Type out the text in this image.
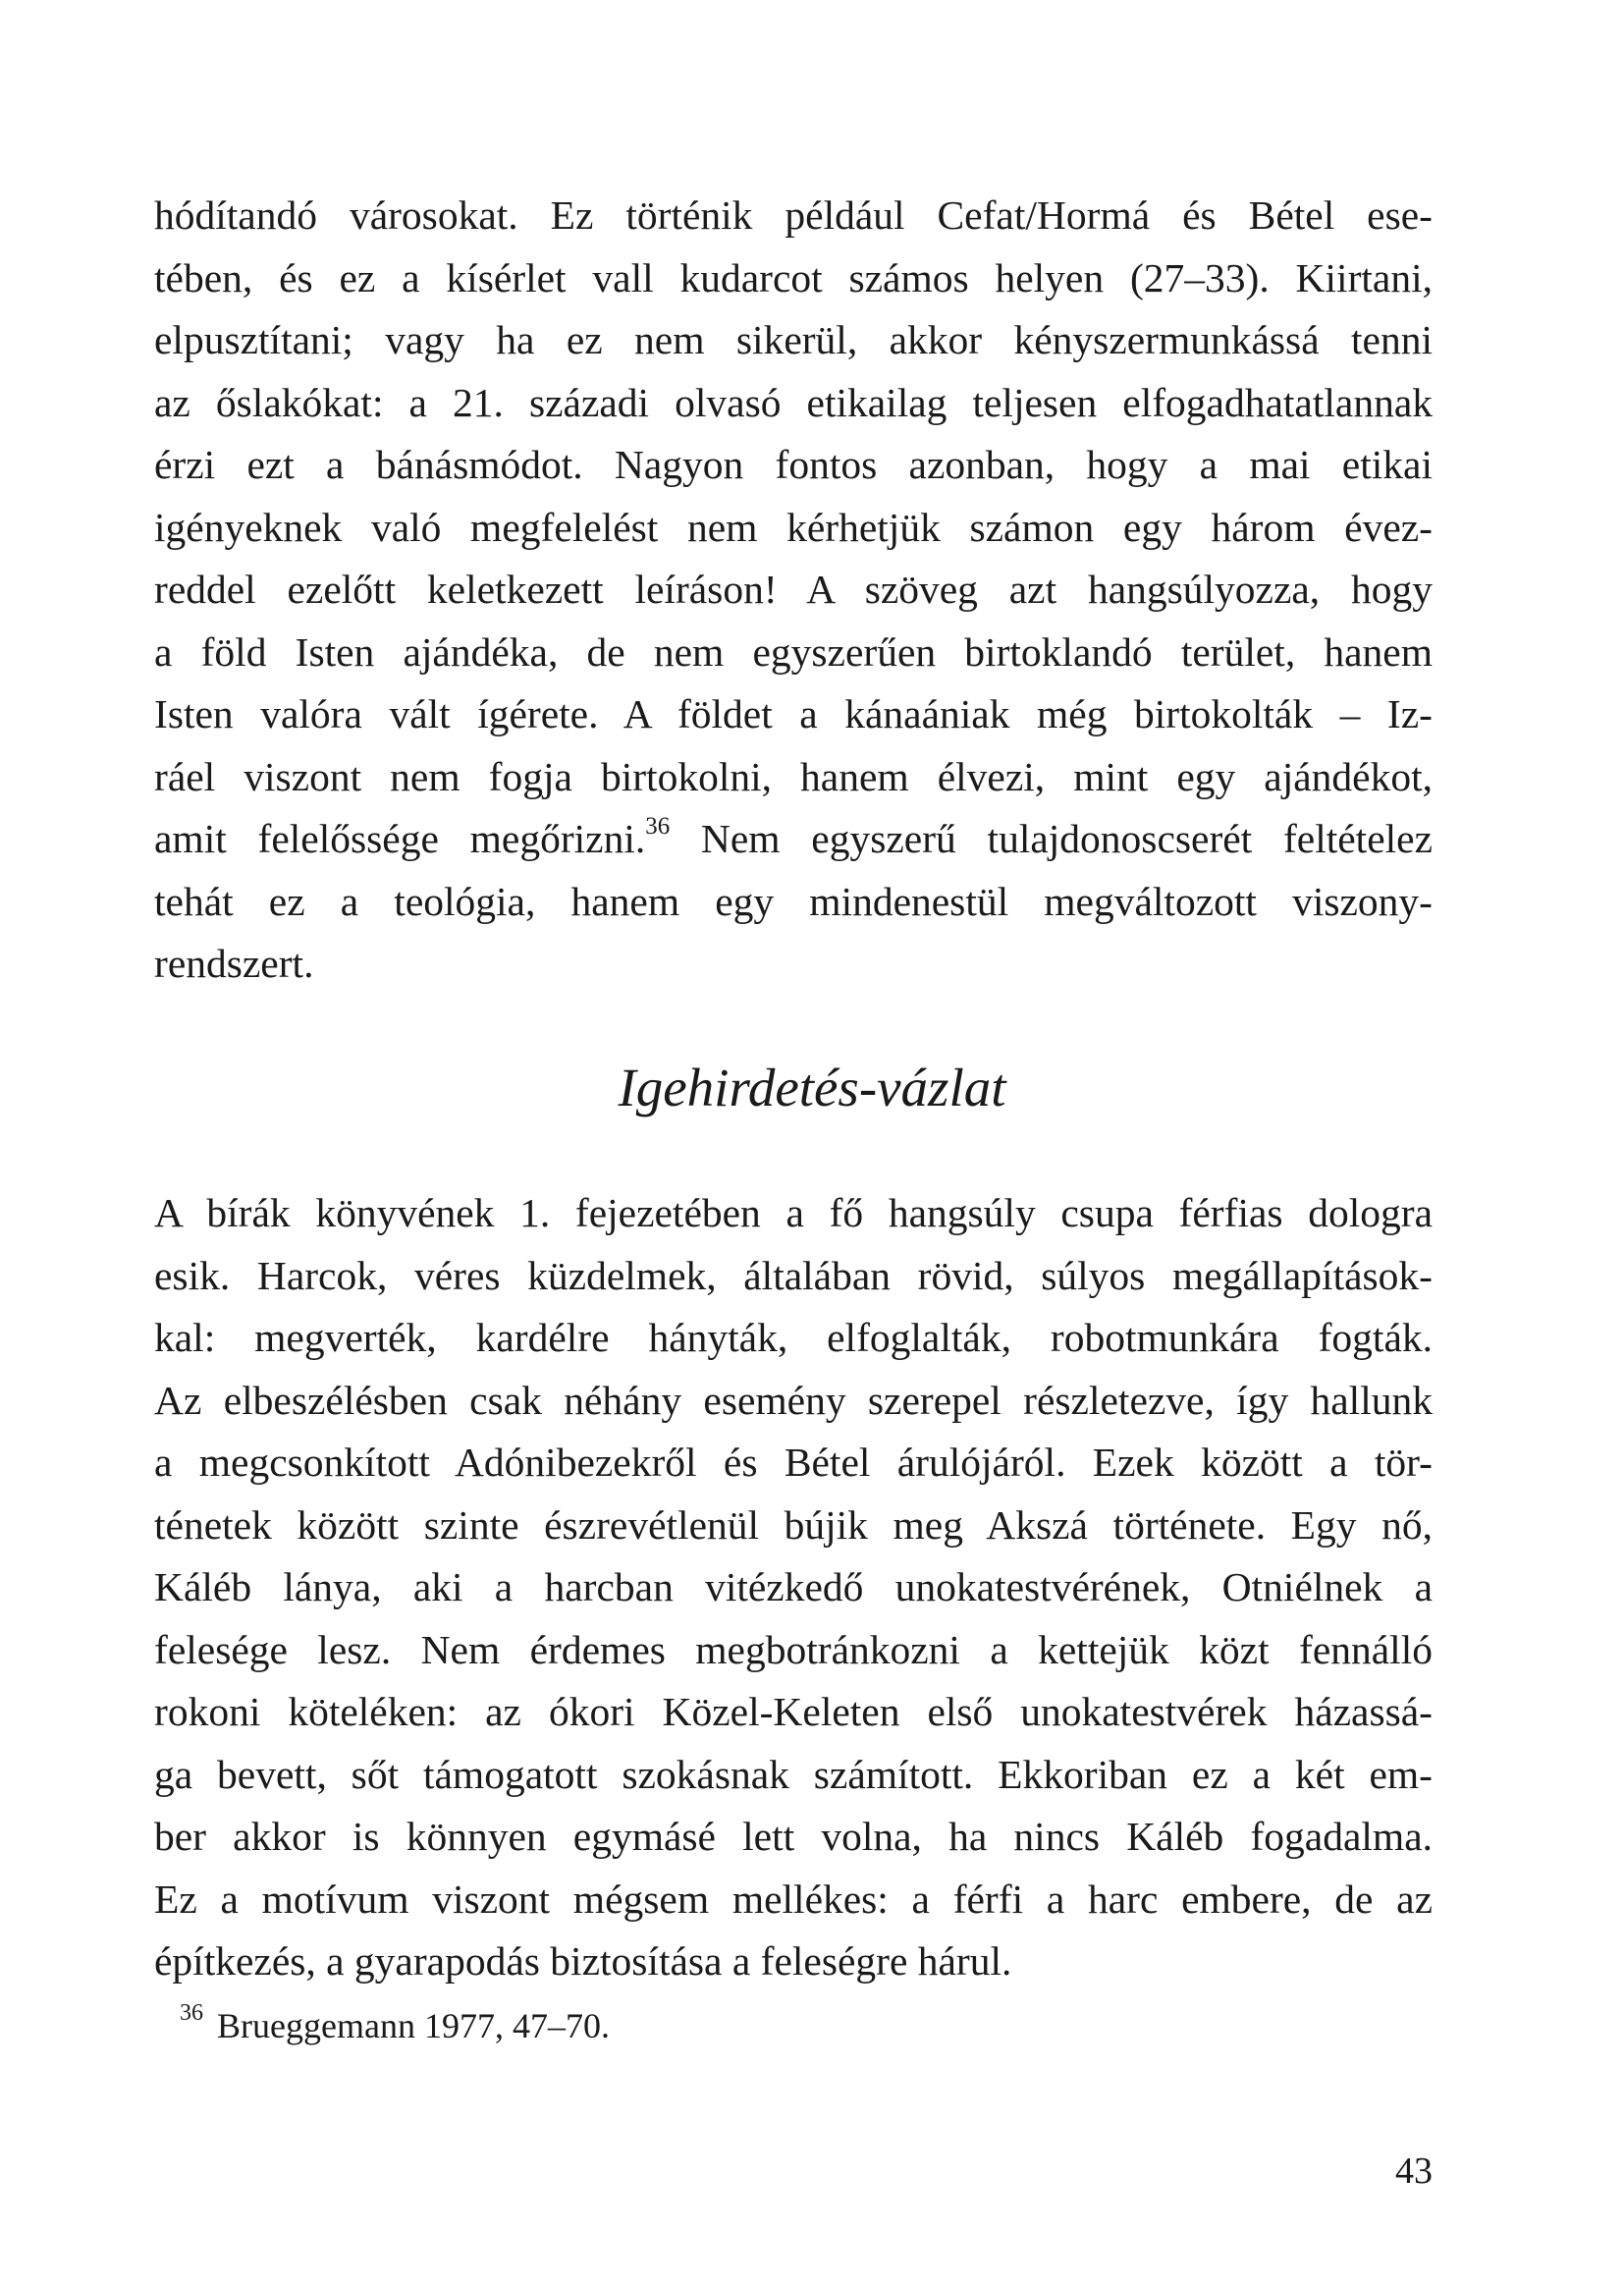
hódítandó városokat. Ez történik például Cefat/Hormá és Bétel ese-
tében, és ez a kísérlet vall kudarcot számos helyen (27–33). Kiirtani,
elpusztítani; vagy ha ez nem sikerül, akkor kényszermunkássá tenni
az őslakókat: a 21. századi olvasó etikailag teljesen elfogadhatatlannak
érzi ezt a bánásmódot. Nagyon fontos azonban, hogy a mai etikai
igényeknek való megfelelést nem kérhetjük számon egy három évez-
reddel ezelőtt keletkezett leíráson! A szöveg azt hangsúlyozza, hogy
a föld Isten ajándéka, de nem egyszerűen birtoklandó terület, hanem
Isten valóra vált ígérete. A földet a kánaániak még birtokolták – Iz-
ráel viszont nem fogja birtokolni, hanem élvezi, mint egy ajándékot,
amit felelőssége megőrizni.$^{36}$ Nem egyszerű tulajdonoscserét feltételez
tehát ez a teológia, hanem egy mindenestül megváltozott viszony-
rendszert.
Igehirdetés-vázlat
A bírák könyvének 1. fejezetében a fő hangsúly csupa férfias dologra
esik. Harcok, véres küzdelmek, általában rövid, súlyos megállapítások-
kal: megverték, kardélre hányták, elfoglalták, robotmunkára fogták.
Az elbeszélésben csak néhány esemény szerepel részletezve, így hallunk
a megcsonkított Adónibezekről és Bétel árulójáról. Ezek között a tör-
ténetek között szinte észrevétlenül bújik meg Akszá története. Egy nő,
Káléb lánya, aki a harcban vitézkedő unokatestvérének, Otniélnek a
felesége lesz. Nem érdemes megbotránkozni a kettejük közt fennálló
rokoni köteléken: az ókori Közel-Keleten első unokatestvérek házassá-
ga bevett, sőt támogatott szokásnak számított. Ekkoriban ez a két em-
ber akkor is könnyen egymásé lett volna, ha nincs Káléb fogadalma.
Ez a motívum viszont mégsem mellékes: a férfi a harc embere, de az
építkezés, a gyarapodás biztosítása a feleségre hárul.
$^{36}$ Brueggemann 1977, 47–70.
43
